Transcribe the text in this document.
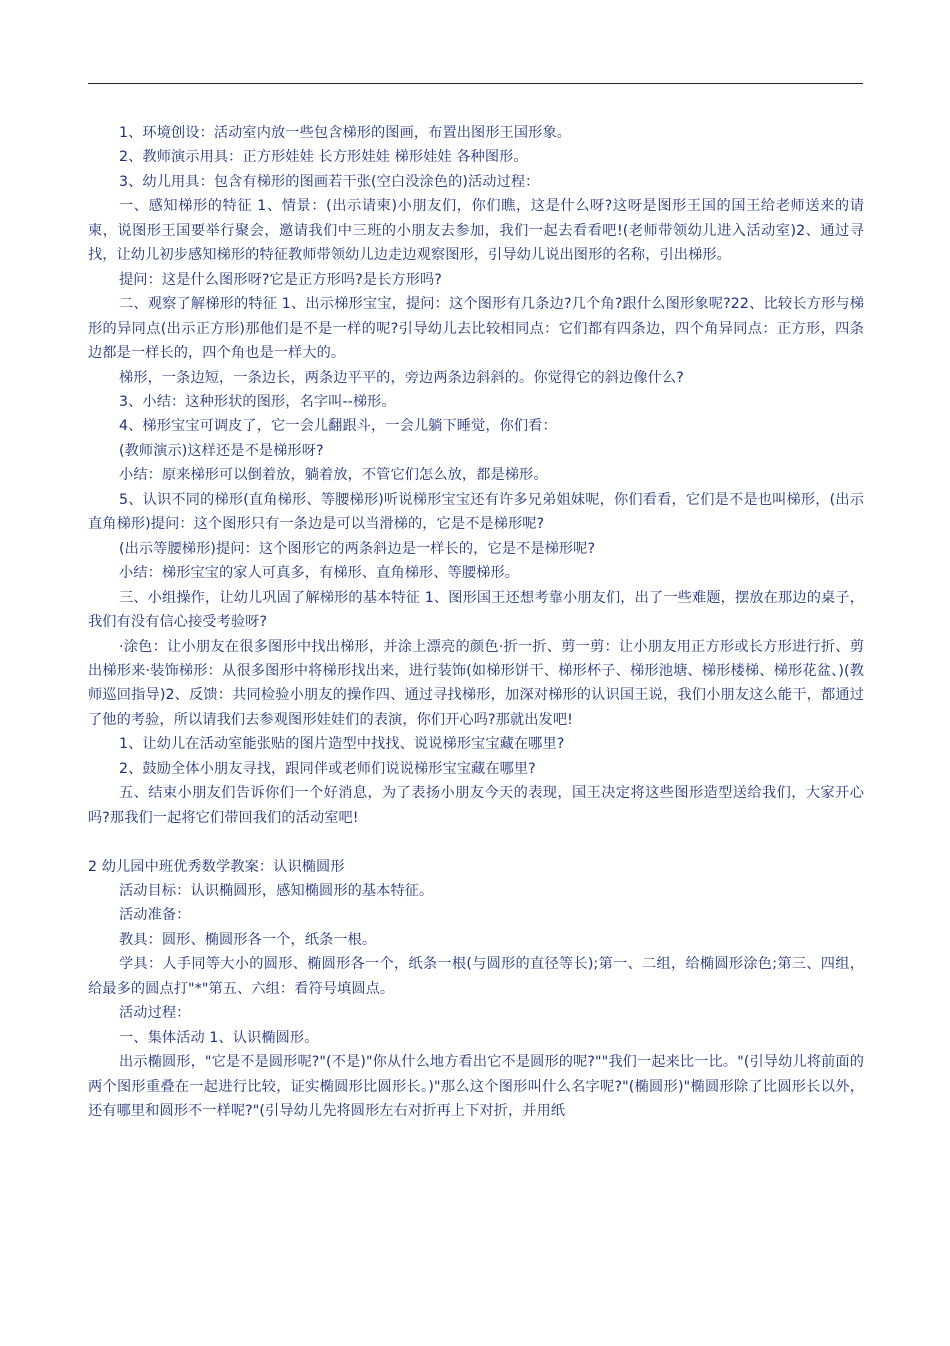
1、环境创设：活动室内放一些包含梯形的图画，布置出图形王国形象。

2、教师演示用具：正方形娃娃 长方形娃娃 梯形娃娃 各种图形。

3、幼儿用具：包含有梯形的图画若干张(空白没涂色的)活动过程：

一、感知梯形的特征 1、情景：(出示请柬)小朋友们，你们瞧，这是什么呀?这呀是图形王国的国王给老师送来的请柬，说图形王国要举行聚会，邀请我们中三班的小朋友去参加，我们一起去看看吧!(老师带领幼儿进入活动室)2、通过寻找，让幼儿初步感知梯形的特征教师带领幼儿边走边观察图形，引导幼儿说出图形的名称，引出梯形。

提问：这是什么图形呀?它是正方形吗?是长方形吗?

二、观察了解梯形的特征 1、出示梯形宝宝，提问：这个图形有几条边?几个角?跟什么图形象呢?22、比较长方形与梯形的异同点(出示正方形)那他们是不是一样的呢?引导幼儿去比较相同点：它们都有四条边，四个角异同点：正方形，四条边都是一样长的，四个角也是一样大的。

梯形，一条边短，一条边长，两条边平平的，旁边两条边斜斜的。你觉得它的斜边像什么?

3、小结：这种形状的图形，名字叫--梯形。

4、梯形宝宝可调皮了，它一会儿翻跟斗，一会儿躺下睡觉，你们看：

(教师演示)这样还是不是梯形呀?

小结：原来梯形可以倒着放，躺着放，不管它们怎么放，都是梯形。

5、认识不同的梯形(直角梯形、等腰梯形)听说梯形宝宝还有许多兄弟姐妹呢，你们看看，它们是不是也叫梯形，(出示直角梯形)提问：这个图形只有一条边是可以当滑梯的，它是不是梯形呢?

(出示等腰梯形)提问：这个图形它的两条斜边是一样长的，它是不是梯形呢?

小结：梯形宝宝的家人可真多，有梯形、直角梯形、等腰梯形。

三、小组操作，让幼儿巩固了解梯形的基本特征 1、图形国王还想考靠小朋友们，出了一些难题，摆放在那边的桌子，我们有没有信心接受考验呀?

·涂色：让小朋友在很多图形中找出梯形，并涂上漂亮的颜色·折一折、剪一剪：让小朋友用正方形或长方形进行折、剪出梯形来·装饰梯形：从很多图形中将梯形找出来，进行装饰(如梯形饼干、梯形杯子、梯形池塘、梯形楼梯、梯形花盆、)(教师巡回指导)2、反馈：共同检验小朋友的操作四、通过寻找梯形，加深对梯形的认识国王说，我们小朋友这么能干，都通过了他的考验，所以请我们去参观图形娃娃们的表演，你们开心吗?那就出发吧!

1、让幼儿在活动室能张贴的图片造型中找找、说说梯形宝宝藏在哪里?

2、鼓励全体小朋友寻找，跟同伴或老师们说说梯形宝宝藏在哪里?

五、结束小朋友们告诉你们一个好消息，为了表扬小朋友今天的表现，国王决定将这些图形造型送给我们，大家开心吗?那我们一起将它们带回我们的活动室吧!

2 幼儿园中班优秀数学教案：认识椭圆形

活动目标：认识椭圆形，感知椭圆形的基本特征。

活动准备：

教具：圆形、椭圆形各一个，纸条一根。

学具：人手同等大小的圆形、椭圆形各一个，纸条一根(与圆形的直径等长);第一、二组，给椭圆形涂色;第三、四组，给最多的圆点打"*"第五、六组：看符号填圆点。

活动过程：

一、集体活动 1、认识椭圆形。

出示椭圆形，"它是不是圆形呢?"(不是)"你从什么地方看出它不是圆形的呢?""我们一起来比一比。"(引导幼儿将前面的两个图形重叠在一起进行比较，证实椭圆形比圆形长。)"那么这个图形叫什么名字呢?"(椭圆形)"椭圆形除了比圆形长以外，还有哪里和圆形不一样呢?"(引导幼儿先将圆形左右对折再上下对折，并用纸
